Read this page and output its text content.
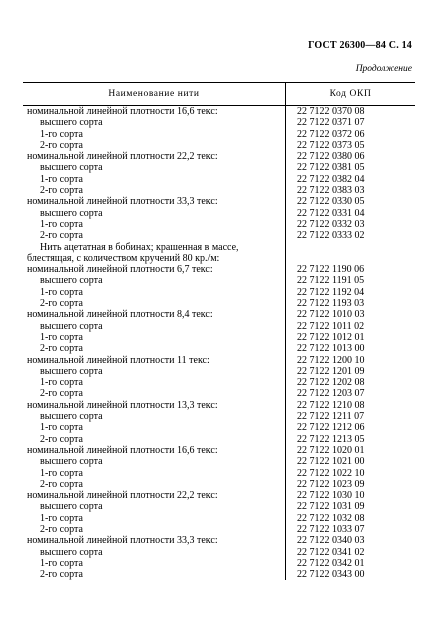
ГОСТ 26300—84 С. 14
Продолжение
Наименование нити	Код ОКП
номинальной линейной плотности 16,6 текс:	22 7122 0370 08
высшего сорта	22 7122 0371 07
1-го сорта	22 7122 0372 06
2-го сорта	22 7122 0373 05
номинальной линейной плотности 22,2 текс:	22 7122 0380 06
высшего сорта	22 7122 0381 05
1-го сорта	22 7122 0382 04
2-го сорта	22 7122 0383 03
номинальной линейной плотности 33,3 текс:	22 7122 0330 05
высшего сорта	22 7122 0331 04
1-го сорта	22 7122 0332 03
2-го сорта	22 7122 0333 02
Нить ацетатная в бобинах; крашенная в массе,
блестящая, с количеством кручений 80 кр./м:
номинальной линейной плотности 6,7 текс:	22 7122 1190 06
высшего сорта	22 7122 1191 05
1-го сорта	22 7122 1192 04
2-го сорта	22 7122 1193 03
номинальной линейной плотности 8,4 текс:	22 7122 1010 03
высшего сорта	22 7122 1011 02
1-го сорта	22 7122 1012 01
2-го сорта	22 7122 1013 00
номинальной линейной плотности 11 текс:	22 7122 1200 10
высшего сорта	22 7122 1201 09
1-го сорта	22 7122 1202 08
2-го сорта	22 7122 1203 07
номинальной линейной плотности 13,3 текс:	22 7122 1210 08
высшего сорта	22 7122 1211 07
1-го сорта	22 7122 1212 06
2-го сорта	22 7122 1213 05
номинальной линейной плотности 16,6 текс:	22 7122 1020 01
высшего сорта	22 7122 1021 00
1-го сорта	22 7122 1022 10
2-го сорта	22 7122 1023 09
номинальной линейной плотности 22,2 текс:	22 7122 1030 10
высшего сорта	22 7122 1031 09
1-го сорта	22 7122 1032 08
2-го сорта	22 7122 1033 07
номинальной линейной плотности 33,3 текс:	22 7122 0340 03
высшего сорта	22 7122 0341 02
1-го сорта	22 7122 0342 01
2-го сорта	22 7122 0343 00
